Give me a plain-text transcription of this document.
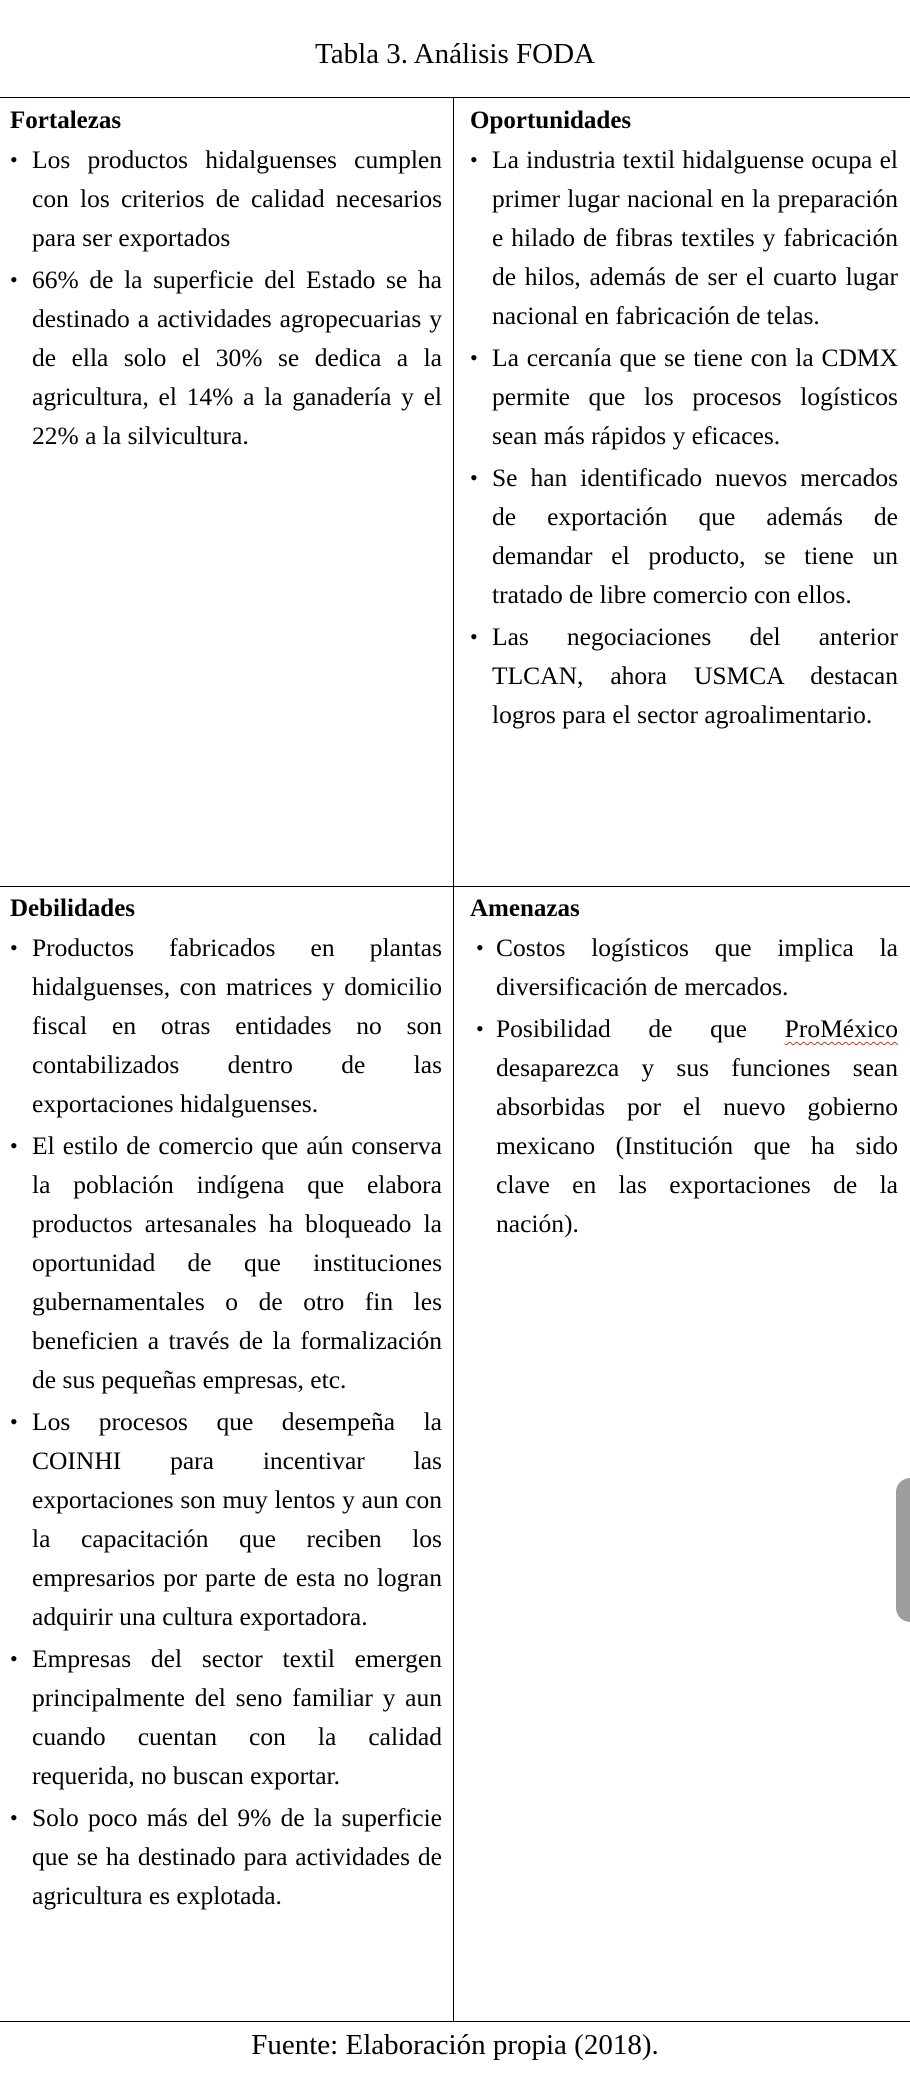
Tabla 3. Análisis FODA
Fortalezas
• Los productos hidalguenses cumplen con los criterios de calidad necesarios para ser exportados
• 66% de la superficie del Estado se ha destinado a actividades agropecuarias y de ella solo el 30% se dedica a la agricultura, el 14% a la ganadería y el 22% a la silvicultura.
Oportunidades
• La industria textil hidalguense ocupa el primer lugar nacional en la preparación e hilado de fibras textiles y fabricación de hilos, además de ser el cuarto lugar nacional en fabricación de telas.
• La cercanía que se tiene con la CDMX permite que los procesos logísticos sean más rápidos y eficaces.
• Se han identificado nuevos mercados de exportación que además de demandar el producto, se tiene un tratado de libre comercio con ellos.
• Las negociaciones del anterior TLCAN, ahora USMCA destacan logros para el sector agroalimentario.
Debilidades
• Productos fabricados en plantas hidalguenses, con matrices y domicilio fiscal en otras entidades no son contabilizados dentro de las exportaciones hidalguenses.
• El estilo de comercio que aún conserva la población indígena que elabora productos artesanales ha bloqueado la oportunidad de que instituciones gubernamentales o de otro fin les beneficien a través de la formalización de sus pequeñas empresas, etc.
• Los procesos que desempeña la COINHI para incentivar las exportaciones son muy lentos y aun con la capacitación que reciben los empresarios por parte de esta no logran adquirir una cultura exportadora.
• Empresas del sector textil emergen principalmente del seno familiar y aun cuando cuentan con la calidad requerida, no buscan exportar.
• Solo poco más del 9% de la superficie que se ha destinado para actividades de agricultura es explotada.
Amenazas
• Costos logísticos que implica la diversificación de mercados.
• Posibilidad de que ProMéxico desaparezca y sus funciones sean absorbidas por el nuevo gobierno mexicano (Institución que ha sido clave en las exportaciones de la nación).
Fuente: Elaboración propia (2018).
